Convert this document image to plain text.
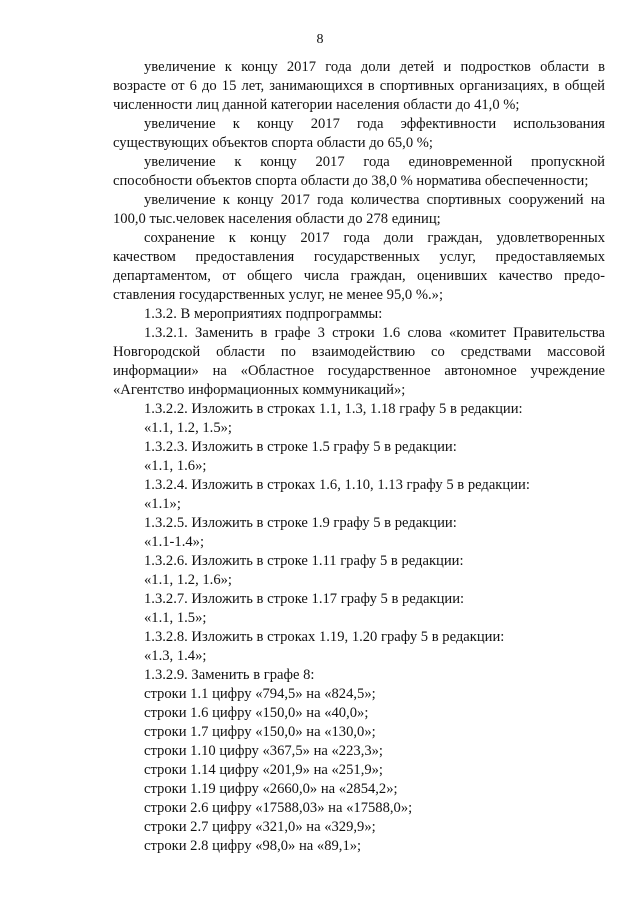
8

увеличение к концу 2017 года доли детей и подростков области в

возрасте от 6 до 15 лет, занимающихся в спортивных организациях, в общей

численности лиц данной категории населения области до 41,0 %;

увеличение к концу 2017 года эффективности использования

существующих объектов спорта области до 65,0 %;

увеличение к концу 2017 года единовременной пропускной

способности объектов спорта области до 38,0 % норматива обеспеченности;

увеличение к концу 2017 года количества спортивных сооружений на

100,0 тыс.человек населения области до 278 единиц;

сохранение к концу 2017 года доли граждан, удовлетворенных

качеством предоставления государственных услуг, предоставляемых

департаментом, от общего числа граждан, оценивших качество предо-

ставления государственных услуг, не менее 95,0 %.»;

1.3.2. В мероприятиях подпрограммы:

1.3.2.1. Заменить в графе 3 строки 1.6 слова «комитет Правительства

Новгородской области по взаимодействию со средствами массовой

информации» на «Областное государственное автономное учреждение

«Агентство информационных коммуникаций»;

1.3.2.2. Изложить в строках 1.1, 1.3, 1.18 графу 5 в редакции:

«1.1, 1.2, 1.5»;

1.3.2.3. Изложить в строке 1.5 графу 5 в редакции:

«1.1, 1.6»;

1.3.2.4. Изложить в строках 1.6, 1.10, 1.13 графу 5 в редакции:

«1.1»;

1.3.2.5. Изложить в строке 1.9 графу 5 в редакции:

«1.1-1.4»;

1.3.2.6. Изложить в строке 1.11 графу 5 в редакции:

«1.1, 1.2, 1.6»;

1.3.2.7. Изложить в строке 1.17 графу 5 в редакции:

«1.1, 1.5»;

1.3.2.8. Изложить в строках 1.19, 1.20 графу 5 в редакции:

«1.3, 1.4»;

1.3.2.9. Заменить в графе 8:

строки 1.1 цифру «794,5» на «824,5»;

строки 1.6 цифру «150,0» на «40,0»;

строки 1.7 цифру «150,0» на «130,0»;

строки 1.10 цифру «367,5» на «223,3»;

строки 1.14 цифру «201,9» на «251,9»;

строки 1.19 цифру «2660,0» на «2854,2»;

строки 2.6 цифру «17588,03» на «17588,0»;

строки 2.7 цифру «321,0» на «329,9»;

строки 2.8 цифру «98,0» на «89,1»;
